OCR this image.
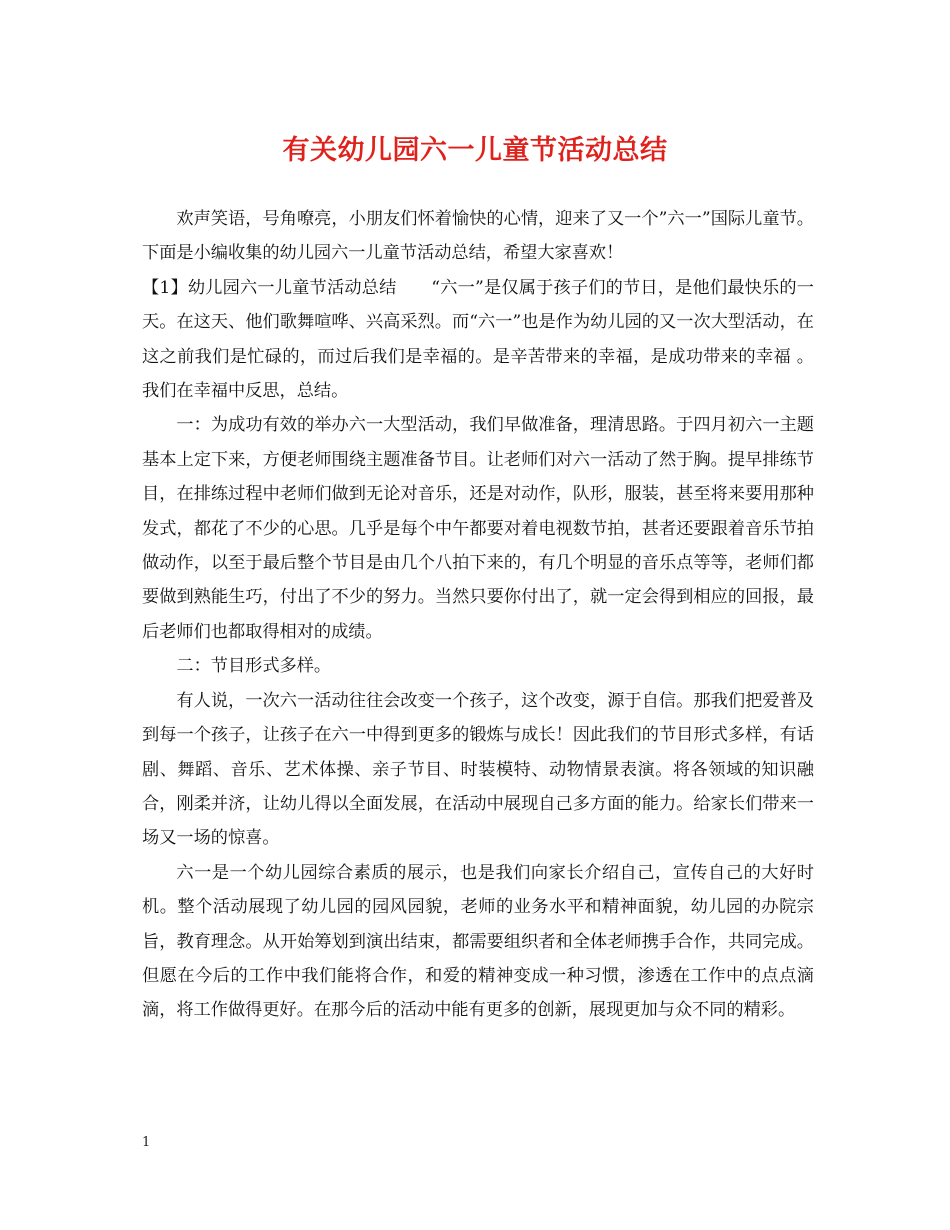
有关幼儿园六一儿童节活动总结

欢声笑语，号角嘹亮，小朋友们怀着愉快的心情，迎来了又一个”六一”国际儿童节。下面是小编收集的幼儿园六一儿童节活动总结，希望大家喜欢！

【1】幼儿园六一儿童节活动总结　　“六一”是仅属于孩子们的节日，是他们最快乐的一天。在这天、他们歌舞喧哗、兴高采烈。而“六一”也是作为幼儿园的又一次大型活动，在这之前我们是忙碌的，而过后我们是幸福的。是辛苦带来的幸福，是成功带来的幸福 。我们在幸福中反思，总结。

一：为成功有效的举办六一大型活动，我们早做准备，理清思路。于四月初六一主题基本上定下来，方便老师围绕主题准备节目。让老师们对六一活动了然于胸。提早排练节目，在排练过程中老师们做到无论对音乐，还是对动作，队形，服装，甚至将来要用那种发式，都花了不少的心思。几乎是每个中午都要对着电视数节拍，甚者还要跟着音乐节拍做动作，以至于最后整个节目是由几个八拍下来的，有几个明显的音乐点等等，老师们都要做到熟能生巧，付出了不少的努力。当然只要你付出了，就一定会得到相应的回报，最后老师们也都取得相对的成绩。

二：节目形式多样。

有人说，一次六一活动往往会改变一个孩子，这个改变，源于自信。那我们把爱普及到每一个孩子，让孩子在六一中得到更多的锻炼与成长！因此我们的节目形式多样，有话剧、舞蹈、音乐、艺术体操、亲子节目、时装模特、动物情景表演。将各领域的知识融合，刚柔并济，让幼儿得以全面发展，在活动中展现自己多方面的能力。给家长们带来一场又一场的惊喜。

六一是一个幼儿园综合素质的展示，也是我们向家长介绍自己，宣传自己的大好时机。整个活动展现了幼儿园的园风园貌，老师的业务水平和精神面貌，幼儿园的办院宗旨，教育理念。从开始筹划到演出结束，都需要组织者和全体老师携手合作，共同完成。但愿在今后的工作中我们能将合作，和爱的精神变成一种习惯，渗透在工作中的点点滴滴，将工作做得更好。在那今后的活动中能有更多的创新，展现更加与众不同的精彩。

1
